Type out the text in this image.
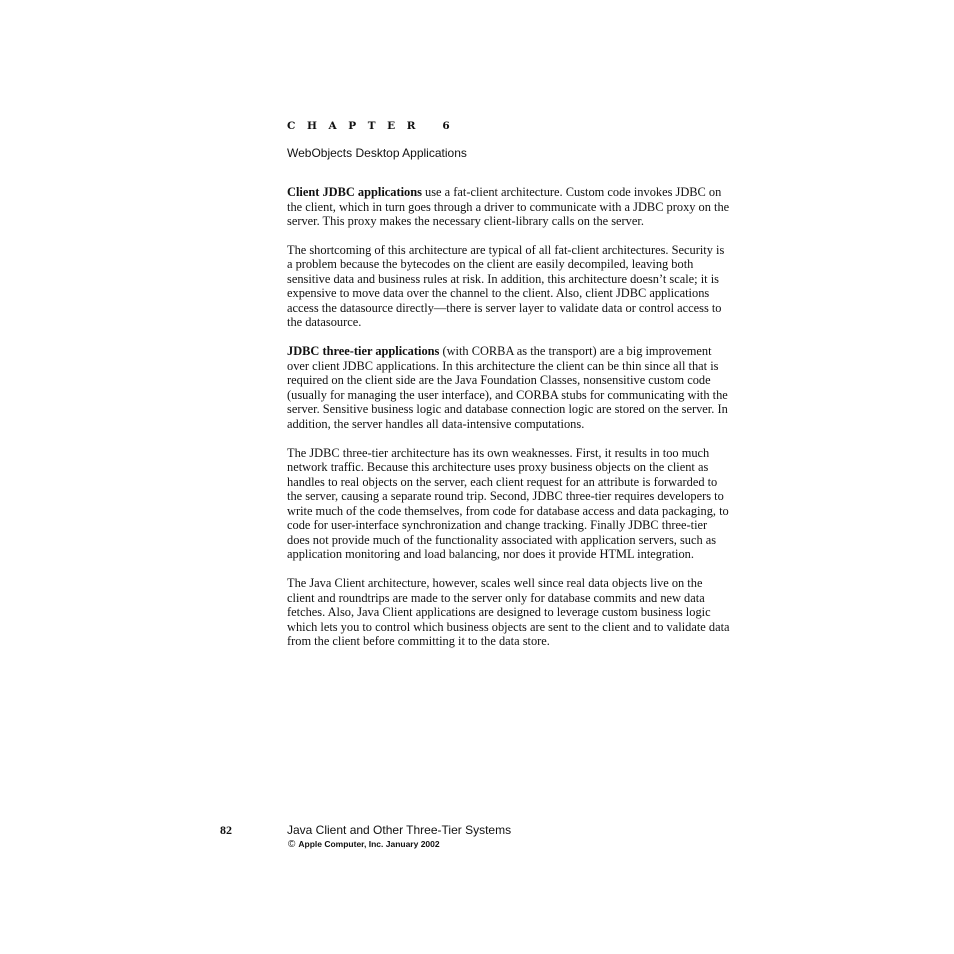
CHAPTER 6
WebObjects Desktop Applications

Client JDBC applications use a fat-client architecture. Custom code invokes JDBC on the client, which in turn goes through a driver to communicate with a JDBC proxy on the server. This proxy makes the necessary client-library calls on the server.

The shortcoming of this architecture are typical of all fat-client architectures. Security is a problem because the bytecodes on the client are easily decompiled, leaving both sensitive data and business rules at risk. In addition, this architecture doesn’t scale; it is expensive to move data over the channel to the client. Also, client JDBC applications access the datasource directly—there is server layer to validate data or control access to the datasource.

JDBC three-tier applications (with CORBA as the transport) are a big improvement over client JDBC applications. In this architecture the client can be thin since all that is required on the client side are the Java Foundation Classes, nonsensitive custom code (usually for managing the user interface), and CORBA stubs for communicating with the server. Sensitive business logic and database connection logic are stored on the server. In addition, the server handles all data-intensive computations.

The JDBC three-tier architecture has its own weaknesses. First, it results in too much network traffic. Because this architecture uses proxy business objects on the client as handles to real objects on the server, each client request for an attribute is forwarded to the server, causing a separate round trip. Second, JDBC three-tier requires developers to write much of the code themselves, from code for database access and data packaging, to code for user-interface synchronization and change tracking. Finally JDBC three-tier does not provide much of the functionality associated with application servers, such as application monitoring and load balancing, nor does it provide HTML integration.

The Java Client architecture, however, scales well since real data objects live on the client and roundtrips are made to the server only for database commits and new data fetches. Also, Java Client applications are designed to leverage custom business logic which lets you to control which business objects are sent to the client and to validate data from the client before committing it to the data store.

82	Java Client and Other Three-Tier Systems
© Apple Computer, Inc. January 2002
